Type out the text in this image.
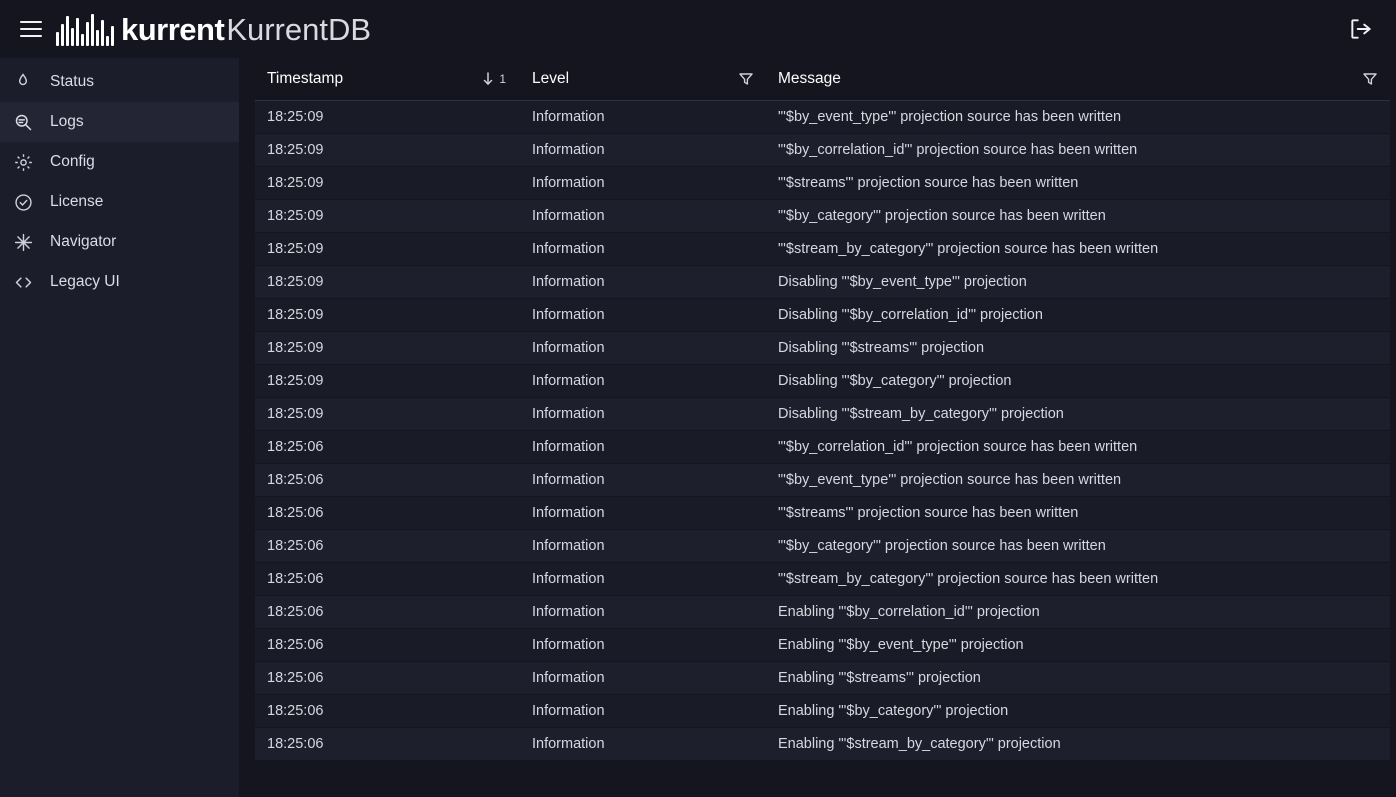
kurrent KurrentDB
Status
Logs
Config
License
Navigator
Legacy UI
Timestamp 1	Level	Message

18:25:09	Information	"'$by_event_type'" projection source has been written
18:25:09	Information	"'$by_correlation_id'" projection source has been written
18:25:09	Information	"'$streams'" projection source has been written
18:25:09	Information	"'$by_category'" projection source has been written
18:25:09	Information	"'$stream_by_category'" projection source has been written
18:25:09	Information	Disabling "'$by_event_type'" projection
18:25:09	Information	Disabling "'$by_correlation_id'" projection
18:25:09	Information	Disabling "'$streams'" projection
18:25:09	Information	Disabling "'$by_category'" projection
18:25:09	Information	Disabling "'$stream_by_category'" projection
18:25:06	Information	"'$by_correlation_id'" projection source has been written
18:25:06	Information	"'$by_event_type'" projection source has been written
18:25:06	Information	"'$streams'" projection source has been written
18:25:06	Information	"'$by_category'" projection source has been written
18:25:06	Information	"'$stream_by_category'" projection source has been written
18:25:06	Information	Enabling "'$by_correlation_id'" projection
18:25:06	Information	Enabling "'$by_event_type'" projection
18:25:06	Information	Enabling "'$streams'" projection
18:25:06	Information	Enabling "'$by_category'" projection
18:25:06	Information	Enabling "'$stream_by_category'" projection
